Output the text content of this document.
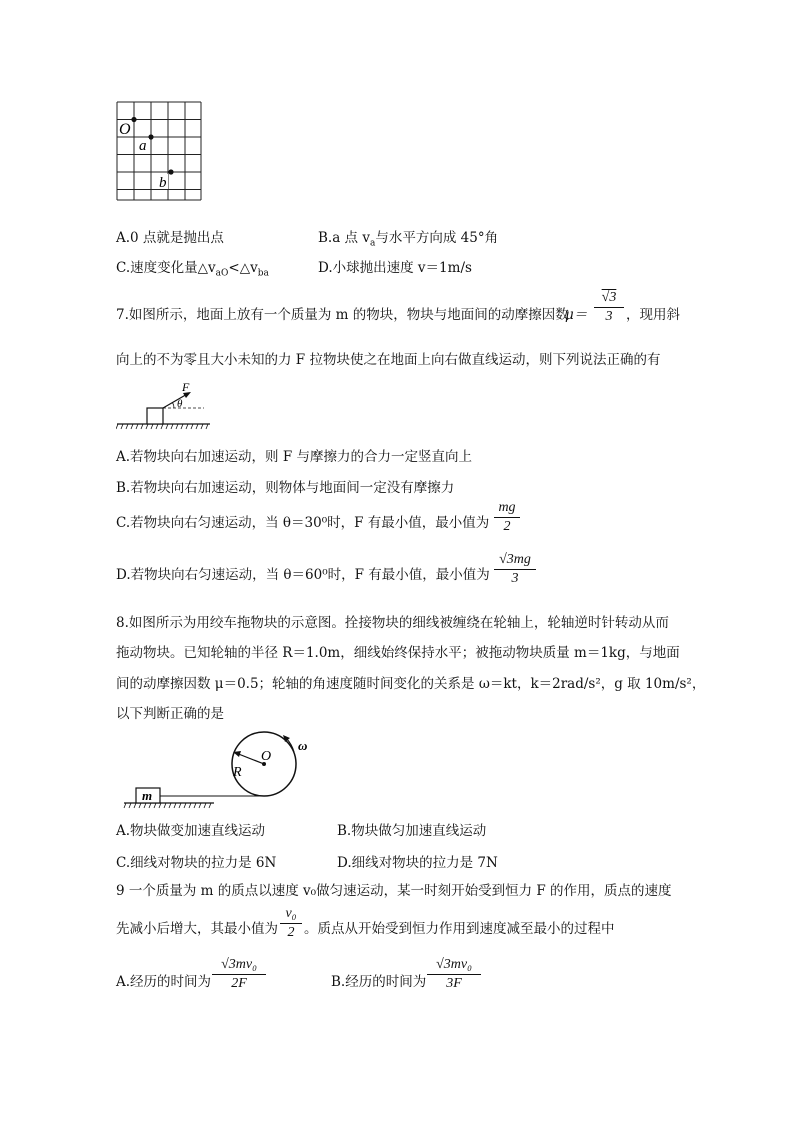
O
a
b
A.0 点就是抛出点	B.a 点 $v_a$与水平方向成 45°角
C.速度变化量$\triangle v_{aO}<\triangle v_{ba}$	D.小球抛出速度 v＝1m/s
7.如图所示，地面上放有一个质量为 m 的物块，物块与地面间的动摩擦因数
μ＝
√3
3	，现用斜
向上的不为零且大小未知的力 F 拉物块使之在地面上向右做直线运动，则下列说法正确的有
F
θ
A.若物块向右加速运动，则 F 与摩擦力的合力一定竖直向上
B.若物块向右加速运动，则物体与地面间一定没有摩擦力
C.若物块向右匀速运动，当 θ＝30⁰时，F 有最小值，最小值为
mg
2
D.若物块向右匀速运动，当 θ＝60⁰时，F 有最小值，最小值为
√3mg
3
8.如图所示为用绞车拖物块的示意图。拴接物块的细线被缠绕在轮轴上，轮轴逆时针转动从而
拖动物块。已知轮轴的半径 R＝1.0m，细线始终保持水平；被拖动物块质量 m＝1kg，与地面
间的动摩擦因数 μ＝0.5；轮轴的角速度随时间变化的关系是 ω＝kt，k＝2rad/s²，g 取 10m/s²，
以下判断正确的是
m
R
O
ω
A.物块做变加速直线运动	B.物块做匀加速直线运动
C.细线对物块的拉力是 6N	D.细线对物块的拉力是 7N
9 一个质量为 m 的质点以速度 v₀做匀速运动，某一时刻开始受到恒力 F 的作用，质点的速度
先减小后增大，其最小值为
v₀
2 。质点从开始受到恒力作用到速度减至最小的过程中
A.经历的时间为
√3mv₀
2F	B.经历的时间为
√3mv₀
3F
